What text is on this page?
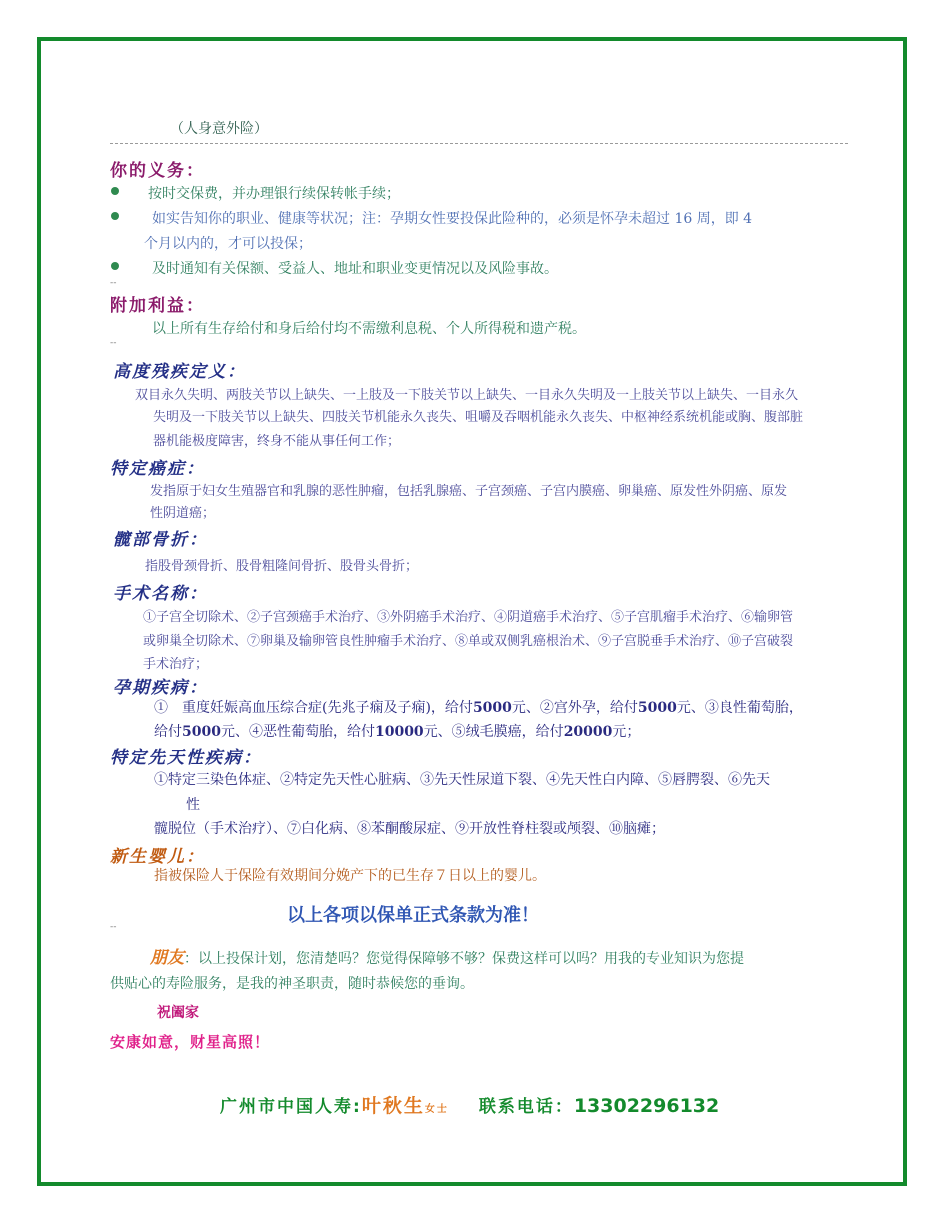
（人身意外险）
你的义务：
按时交保费，并办理银行续保转帐手续；
如实告知你的职业、健康等状况；注：孕期女性要投保此险种的，必须是怀孕未超过 16 周，即 4
个月以内的，才可以投保；
及时通知有关保额、受益人、地址和职业变更情况以及风险事故。
--
附加利益：
以上所有生存给付和身后给付均不需缴利息税、个人所得税和遗产税。
--
高度残疾定义：
双目永久失明、两肢关节以上缺失、一上肢及一下肢关节以上缺失、一目永久失明及一上肢关节以上缺失、一目永久
失明及一下肢关节以上缺失、四肢关节机能永久丧失、咀嚼及吞咽机能永久丧失、中枢神经系统机能或胸、腹部脏
器机能极度障害，终身不能从事任何工作；
特定癌症：
发指原于妇女生殖器官和乳腺的恶性肿瘤，包括乳腺癌、子宫颈癌、子宫内膜癌、卵巢癌、原发性外阴癌、原发
性阴道癌；
髋部骨折：
指股骨颈骨折、股骨粗隆间骨折、股骨头骨折；
手术名称：
①子宫全切除术、②子宫颈癌手术治疗、③外阴癌手术治疗、④阴道癌手术治疗、⑤子宫肌瘤手术治疗、⑥输卵管
或卵巢全切除术、⑦卵巢及输卵管良性肿瘤手术治疗、⑧单或双侧乳癌根治术、⑨子宫脱垂手术治疗、⑩子宫破裂
手术治疗；
孕期疾病：
①　重度妊娠高血压综合症(先兆子痫及子痫)，给付5000元、②宫外孕，给付5000元、③良性葡萄胎，
给付5000元、④恶性葡萄胎，给付10000元、⑤绒毛膜癌，给付20000元；
特定先天性疾病：
①特定三染色体症、②特定先天性心脏病、③先天性尿道下裂、④先天性白内障、⑤唇腭裂、⑥先天
性
髋脱位（手术治疗）、⑦白化病、⑧苯酮酸尿症、⑨开放性脊柱裂或颅裂、⑩脑瘫；
新生婴儿：
指被保险人于保险有效期间分娩产下的已生存７日以上的婴儿。
以上各项以保单正式条款为准！
--
朋友：以上投保计划，您清楚吗？您觉得保障够不够？保费这样可以吗？用我的专业知识为您提
供贴心的寿险服务，是我的神圣职责，随时恭候您的垂询。
祝阖家
安康如意，财星高照！
广州市中国人寿:叶秋生女士 联系电话：13302296132
